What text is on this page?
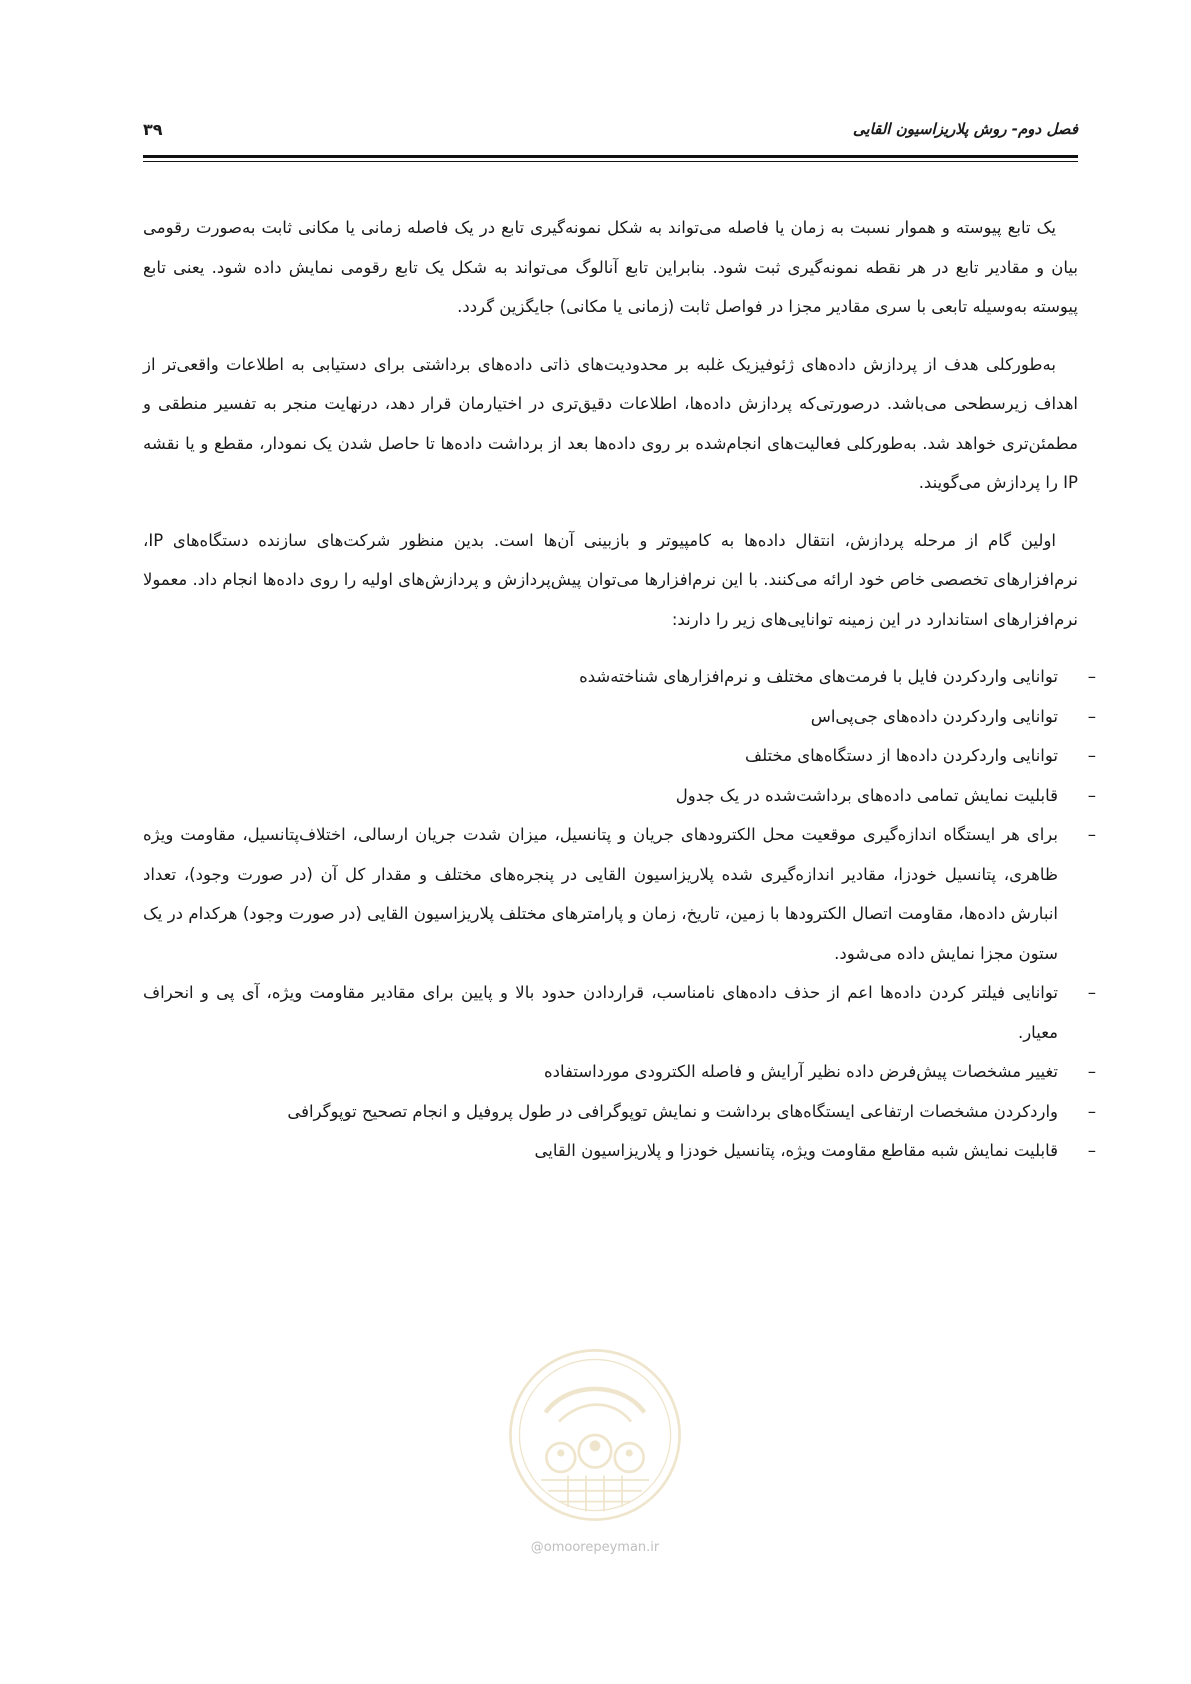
فصل دوم- روش پلاریزاسیون القایی
۳۹

یک تابع پیوسته و هموار نسبت به زمان یا فاصله می‌تواند به شکل نمونه‌گیری تابع در یک فاصله زمانی یا مکانی ثابت به‌صورت رقومی بیان و مقادیر تابع در هر نقطه نمونه‌گیری ثبت شود. بنابراین تابع آنالوگ می‌تواند به شکل یک تابع رقومی نمایش داده شود. یعنی تابع پیوسته به‌وسیله تابعی با سری مقادیر مجزا در فواصل ثابت (زمانی یا مکانی) جایگزین گردد.

به‌طورکلی هدف از پردازش داده‌های ژئوفیزیک غلبه بر محدودیت‌های ذاتی داده‌های برداشتی برای دستیابی به اطلاعات واقعی‌تر از اهداف زیرسطحی می‌باشد. درصورتی‌که پردازش داده‌ها، اطلاعات دقیق‌تری در اختیارمان قرار دهد، درنهایت منجر به تفسیر منطقی و مطمئن‌تری خواهد شد. به‌طورکلی فعالیت‌های انجام‌شده بر روی داده‌ها بعد از برداشت داده‌ها تا حاصل شدن یک نمودار، مقطع و یا نقشه IP را پردازش می‌گویند.

اولین گام از مرحله پردازش، انتقال داده‌ها به کامپیوتر و بازبینی آن‌ها است. بدین منظور شرکت‌های سازنده دستگاه‌های IP، نرم‌افزارهای تخصصی خاص خود ارائه می‌کنند. با این نرم‌افزارها می‌توان پیش‌پردازش و پردازش‌های اولیه را روی داده‌ها انجام داد. معمولا نرم‌افزارهای استاندارد در این زمینه توانایی‌های زیر را دارند:

–
توانایی واردکردن فایل با فرمت‌های مختلف و نرم‌افزارهای شناخته‌شده
–
توانایی واردکردن داده‌های جی‌پی‌اس
–
توانایی واردکردن داده‌ها از دستگاه‌های مختلف
–
قابلیت نمایش تمامی داده‌های برداشت‌شده در یک جدول
–
برای هر ایستگاه اندازه‌گیری موقعیت محل الکترودهای جریان و پتانسیل، میزان شدت جریان ارسالی، اختلاف‌پتانسیل، مقاومت ویژه ظاهری، پتانسیل خودزا، مقادیر اندازه‌گیری شده پلاریزاسیون القایی در پنجره‌های مختلف و مقدار کل آن (در صورت وجود)، تعداد انبارش داده‌ها، مقاومت اتصال الکترودها با زمین، تاریخ، زمان و پارامترهای مختلف پلاریزاسیون القایی (در صورت وجود) هرکدام در یک ستون مجزا نمایش داده می‌شود.
–
توانایی فیلتر کردن داده‌ها اعم از حذف داده‌های نامناسب، قراردادن حدود بالا و پایین برای مقادیر مقاومت ویژه، آی پی و انحراف معیار.
–
تغییر مشخصات پیش‌فرض داده نظیر آرایش و فاصله الکترودی مورداستفاده
–
واردکردن مشخصات ارتفاعی ایستگاه‌های برداشت و نمایش توپوگرافی در طول پروفیل و انجام تصحیح توپوگرافی
–
قابلیت نمایش شبه مقاطع مقاومت ویژه، پتانسیل خودزا و پلاریزاسیون القایی
@omoorepeyman.ir
